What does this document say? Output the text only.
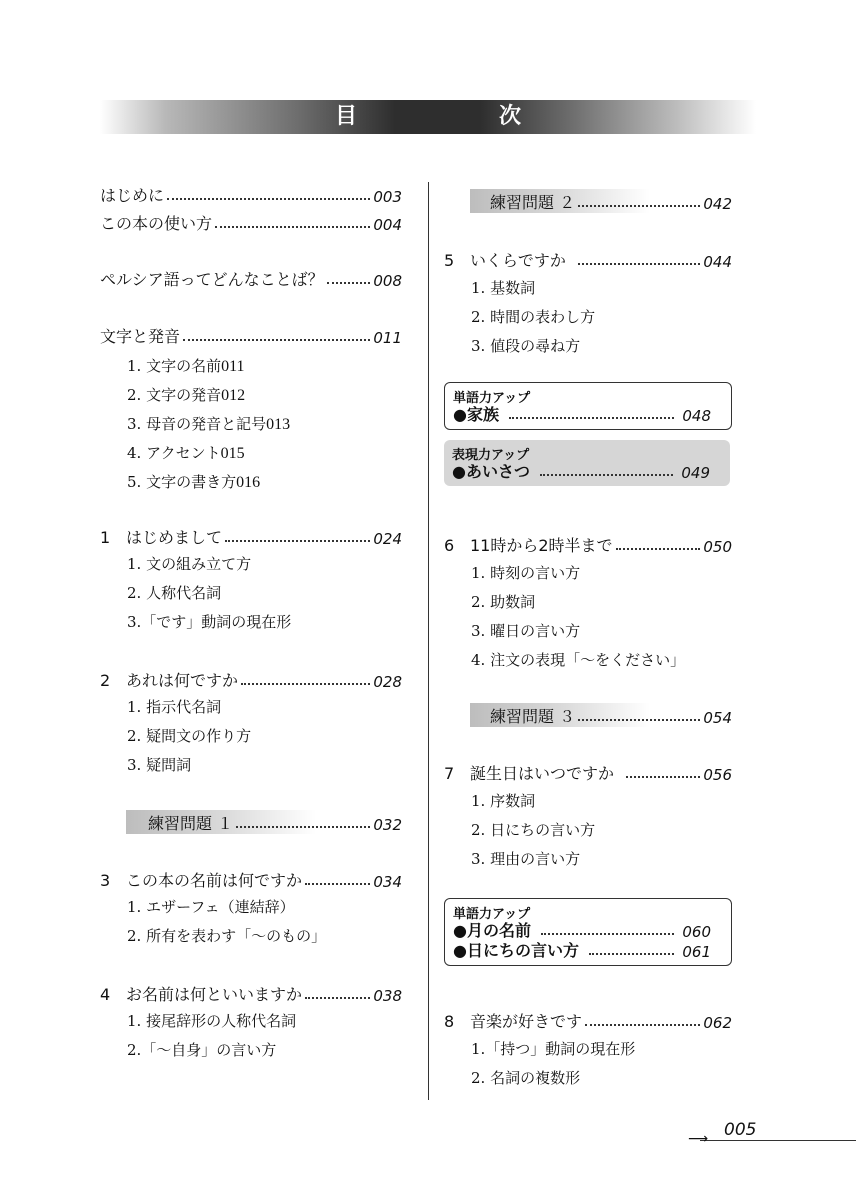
目　次
はじめに	003
この本の使い方	004
ペルシア語ってどんなことば？	008
文字と発音	011
1. 文字の名前 011
2. 文字の発音 012
3. 母音の発音と記号 013
4. アクセント 015
5. 文字の書き方 016
1 はじめまして	024
1. 文の組み立て方
2. 人称代名詞
3.「です」動詞の現在形
2 あれは何ですか	028
1. 指示代名詞
2. 疑問文の作り方
3. 疑問詞
練習問題 １	032
3 この本の名前は何ですか	034
1. エザーフェ（連結辞）
2. 所有を表わす「〜のもの」
4 お名前は何といいますか	038
1. 接尾辞形の人称代名詞
2.「〜自身」の言い方
練習問題 ２	042
5 いくらですか	044
1. 基数詞
2. 時間の表わし方
3. 値段の尋ね方
単語力アップ
●家族	048
表現力アップ
●あいさつ	049
6 11時から2時半まで	050
1. 時刻の言い方
2. 助数詞
3. 曜日の言い方
4. 注文の表現「〜をください」
練習問題 ３	054
7 誕生日はいつですか	056
1. 序数詞
2. 日にちの言い方
3. 理由の言い方
単語力アップ
●月の名前	060
●日にちの言い方	061
8 音楽が好きです	062
1.「持つ」動詞の現在形
2. 名詞の複数形
005
⟶
